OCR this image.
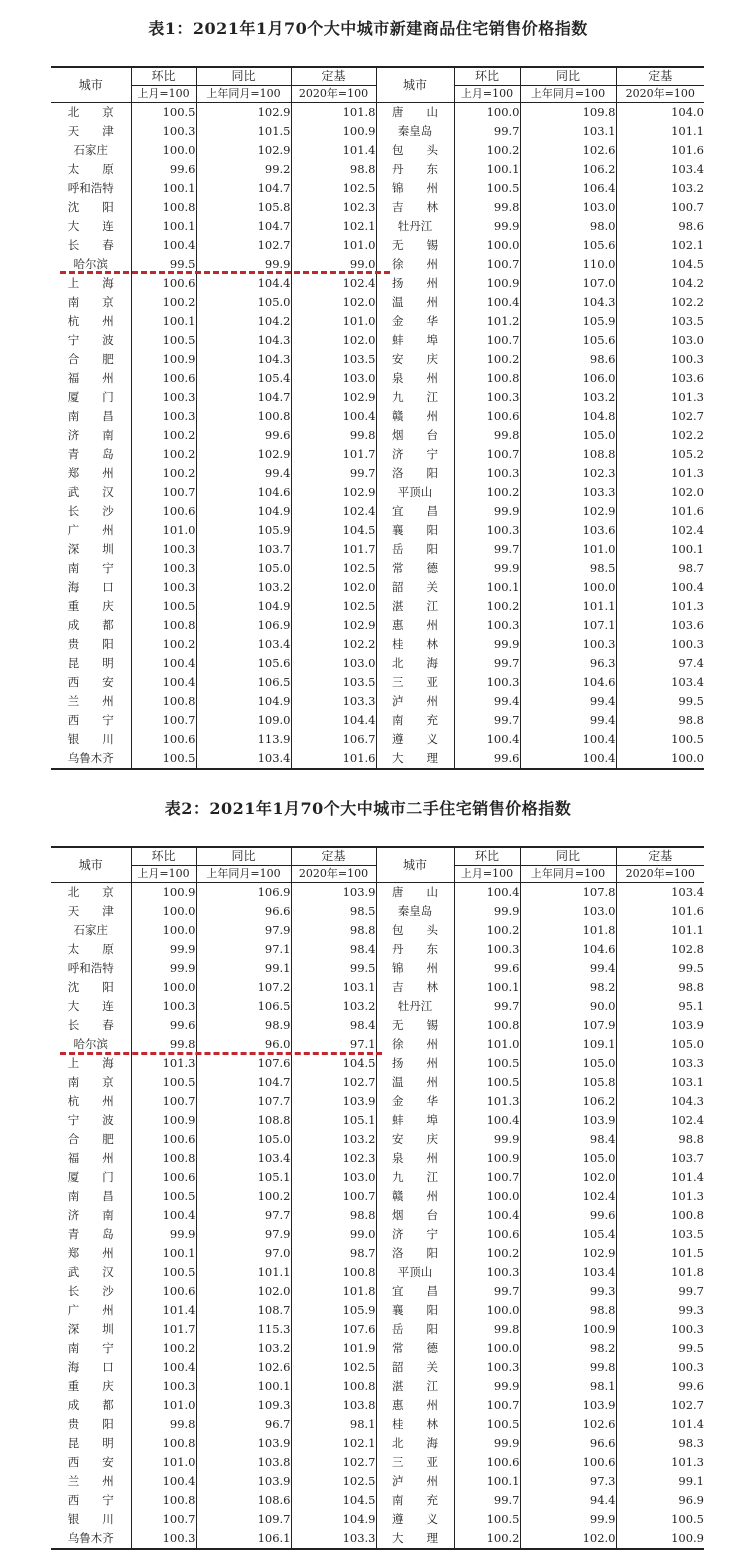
表1：2021年1月70个大中城市新建商品住宅销售价格指数
城市	环比	同比	定基	城市	环比	同比	定基
	上月=100	上年同月=100	2020年=100		上月=100	上年同月=100	2020年=100
北　　京	100.5	102.9	101.8	唐　　山	100.0	109.8	104.0
天　　津	100.3	101.5	100.9	秦皇岛	99.7	103.1	101.1
石家庄	100.0	102.9	101.4	包　　头	100.2	102.6	101.6
太　　原	99.6	99.2	98.8	丹　　东	100.1	106.2	103.4
呼和浩特	100.1	104.7	102.5	锦　　州	100.5	106.4	103.2
沈　　阳	100.8	105.8	102.3	吉　　林	99.8	103.0	100.7
大　　连	100.1	104.7	102.1	牡丹江	99.9	98.0	98.6
长　　春	100.4	102.7	101.0	无　　锡	100.0	105.6	102.1
哈尔滨	99.5	99.9	99.0	徐　　州	100.7	110.0	104.5
上　　海	100.6	104.4	102.4	扬　　州	100.9	107.0	104.2
南　　京	100.2	105.0	102.0	温　　州	100.4	104.3	102.2
杭　　州	100.1	104.2	101.0	金　　华	101.2	105.9	103.5
宁　　波	100.5	104.3	102.0	蚌　　埠	100.7	105.6	103.0
合　　肥	100.9	104.3	103.5	安　　庆	100.2	98.6	100.3
福　　州	100.6	105.4	103.0	泉　　州	100.8	106.0	103.6
厦　　门	100.3	104.7	102.9	九　　江	100.3	103.2	101.3
南　　昌	100.3	100.8	100.4	赣　　州	100.6	104.8	102.7
济　　南	100.2	99.6	99.8	烟　　台	99.8	105.0	102.2
青　　岛	100.2	102.9	101.7	济　　宁	100.7	108.8	105.2
郑　　州	100.2	99.4	99.7	洛　　阳	100.3	102.3	101.3
武　　汉	100.7	104.6	102.9	平顶山	100.2	103.3	102.0
长　　沙	100.6	104.9	102.4	宜　　昌	99.9	102.9	101.6
广　　州	101.0	105.9	104.5	襄　　阳	100.3	103.6	102.4
深　　圳	100.3	103.7	101.7	岳　　阳	99.7	101.0	100.1
南　　宁	100.3	105.0	102.5	常　　德	99.9	98.5	98.7
海　　口	100.3	103.2	102.0	韶　　关	100.1	100.0	100.4
重　　庆	100.5	104.9	102.5	湛　　江	100.2	101.1	101.3
成　　都	100.8	106.9	102.9	惠　　州	100.3	107.1	103.6
贵　　阳	100.2	103.4	102.2	桂　　林	99.9	100.3	100.3
昆　　明	100.4	105.6	103.0	北　　海	99.7	96.3	97.4
西　　安	100.4	106.5	103.5	三　　亚	100.3	104.6	103.4
兰　　州	100.8	104.9	103.3	泸　　州	99.4	99.4	99.5
西　　宁	100.7	109.0	104.4	南　　充	99.7	99.4	98.8
银　　川	100.6	113.9	106.7	遵　　义	100.4	100.4	100.5
乌鲁木齐	100.5	103.4	101.6	大　　理	99.6	100.4	100.0
表2：2021年1月70个大中城市二手住宅销售价格指数
城市	环比	同比	定基	城市	环比	同比	定基
	上月=100	上年同月=100	2020年=100		上月=100	上年同月=100	2020年=100
北　　京	100.9	106.9	103.9	唐　　山	100.4	107.8	103.4
天　　津	100.0	96.6	98.5	秦皇岛	99.9	103.0	101.6
石家庄	100.0	97.9	98.8	包　　头	100.2	101.8	101.1
太　　原	99.9	97.1	98.4	丹　　东	100.3	104.6	102.8
呼和浩特	99.9	99.1	99.5	锦　　州	99.6	99.4	99.5
沈　　阳	100.0	107.2	103.1	吉　　林	100.1	98.2	98.8
大　　连	100.3	106.5	103.2	牡丹江	99.7	90.0	95.1
长　　春	99.6	98.9	98.4	无　　锡	100.8	107.9	103.9
哈尔滨	99.8	96.0	97.1	徐　　州	101.0	109.1	105.0
上　　海	101.3	107.6	104.5	扬　　州	100.5	105.0	103.3
南　　京	100.5	104.7	102.7	温　　州	100.5	105.8	103.1
杭　　州	100.7	107.7	103.9	金　　华	101.3	106.2	104.3
宁　　波	100.9	108.8	105.1	蚌　　埠	100.4	103.9	102.4
合　　肥	100.6	105.0	103.2	安　　庆	99.9	98.4	98.8
福　　州	100.8	103.4	102.3	泉　　州	100.9	105.0	103.7
厦　　门	100.6	105.1	103.0	九　　江	100.7	102.0	101.4
南　　昌	100.5	100.2	100.7	赣　　州	100.0	102.4	101.3
济　　南	100.4	97.7	98.8	烟　　台	100.4	99.6	100.8
青　　岛	99.9	97.9	99.0	济　　宁	100.6	105.4	103.5
郑　　州	100.1	97.0	98.7	洛　　阳	100.2	102.9	101.5
武　　汉	100.5	101.1	100.8	平顶山	100.3	103.4	101.8
长　　沙	100.6	102.0	101.8	宜　　昌	99.7	99.3	99.7
广　　州	101.4	108.7	105.9	襄　　阳	100.0	98.8	99.3
深　　圳	101.7	115.3	107.6	岳　　阳	99.8	100.9	100.3
南　　宁	100.2	103.2	101.9	常　　德	100.0	98.2	99.5
海　　口	100.4	102.6	102.5	韶　　关	100.3	99.8	100.3
重　　庆	100.3	100.1	100.8	湛　　江	99.9	98.1	99.6
成　　都	101.0	109.3	103.8	惠　　州	100.7	103.9	102.7
贵　　阳	99.8	96.7	98.1	桂　　林	100.5	102.6	101.4
昆　　明	100.8	103.9	102.1	北　　海	99.9	96.6	98.3
西　　安	101.0	103.8	102.7	三　　亚	100.6	100.6	101.3
兰　　州	100.4	103.9	102.5	泸　　州	100.1	97.3	99.1
西　　宁	100.8	108.6	104.5	南　　充	99.7	94.4	96.9
银　　川	100.7	109.7	104.9	遵　　义	100.5	99.9	100.5
乌鲁木齐	100.3	106.1	103.3	大　　理	100.2	102.0	100.9
